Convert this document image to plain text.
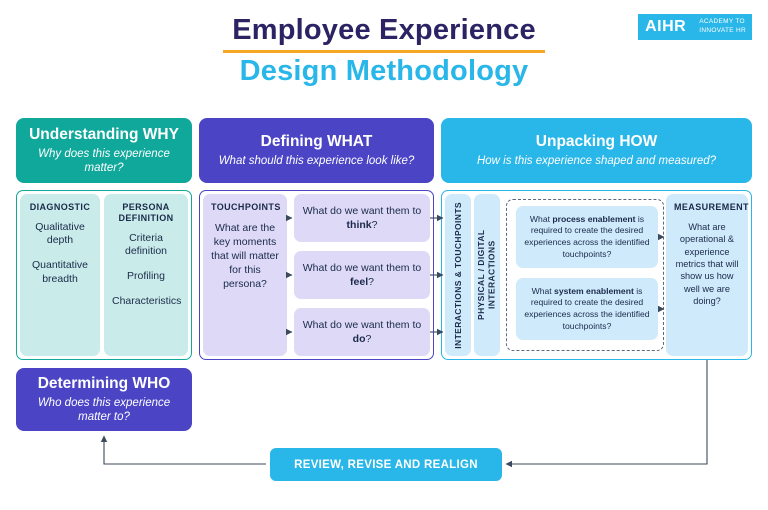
Employee Experience
Design Methodology
AIHR	ACADEMY TO
INNOVATE HR
Understanding WHY
Why does this experience matter?
Defining WHAT
What should this experience look like?
Unpacking HOW
How is this experience shaped and measured?
Determining WHO
Who does this experience matter to?
DIAGNOSTIC
Qualitative depth
Quantitative breadth
PERSONA DEFINITION
Criteria definition
Profiling
Characteristics
TOUCHPOINTS
What are the key moments that will matter for this persona?
What do we want them to think?
What do we want them to feel?
What do we want them to do?	INTERACTIONS & TOUCHPOINTS PHYSICAL / DIGITAL INTERACTIONS
What process enablement is required to create the desired experiences across the identified touchpoints?
What system enablement is required to create the desired experiences across the identified touchpoints?
MEASUREMENT
What are operational & experience metrics that will show us how well we are doing?
REVIEW, REVISE AND REALIGN
